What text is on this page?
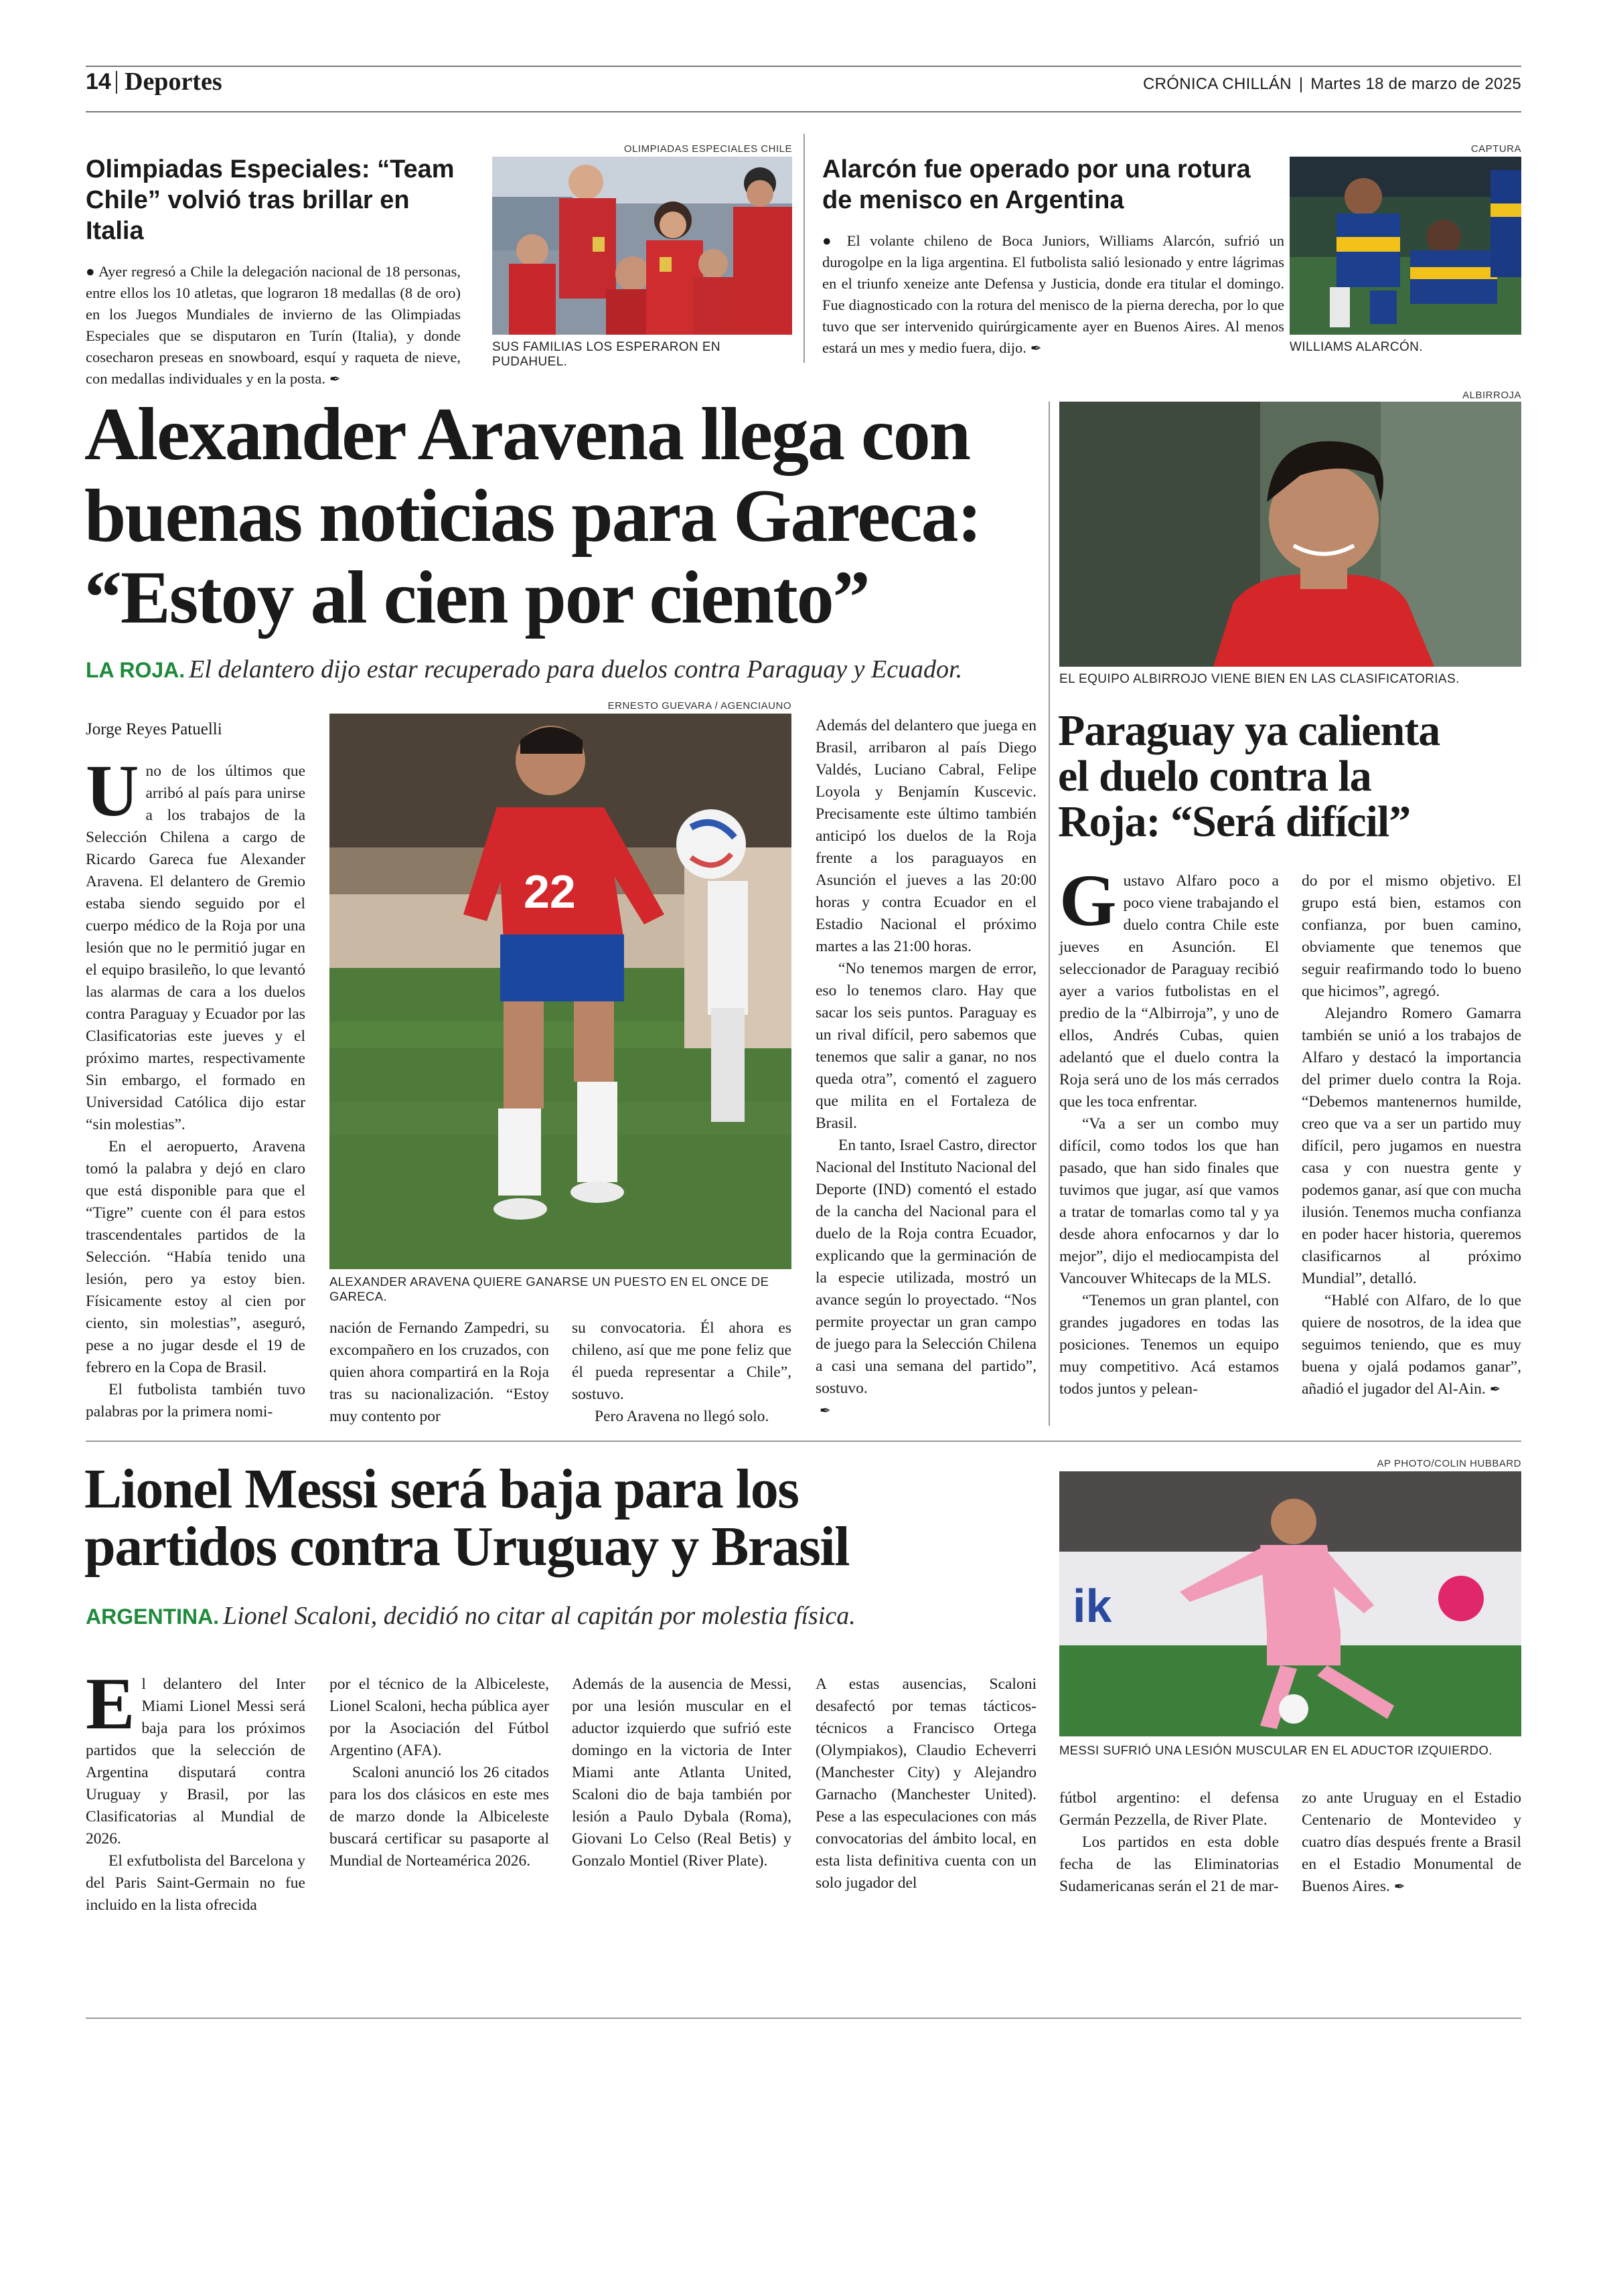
14 Deportes	CRÓNICA CHILLÁN | Martes 18 de marzo de 2025
Olimpiadas Especiales: “Team Chile” volvió tras brillar en Italia
● Ayer regresó a Chile la delegación nacional de 18 personas, entre ellos los 10 atletas, que lograron 18 medallas (8 de oro) en los Juegos Mundiales de invierno de las Olimpiadas Especiales que se disputaron en Turín (Italia), y donde cosecharon preseas en snowboard, esquí y raqueta de nieve, con medallas individuales y en la posta. ✒
OLIMPIADAS ESPECIALES CHILE
SUS FAMILIAS LOS ESPERARON EN PUDAHUEL.
Alarcón fue operado por una rotura de menisco en Argentina
● El volante chileno de Boca Juniors, Williams Alarcón, sufrió un durogolpe en la liga argentina. El futbolista salió lesionado y entre lágrimas en el triunfo xeneize ante Defensa y Justicia, donde era titular el domingo. Fue diagnosticado con la rotura del menisco de la pierna derecha, por lo que tuvo que ser intervenido quirúrgicamente ayer en Buenos Aires. Al menos estará un mes y medio fuera, dijo. ✒
CAPTURA
WILLIAMS ALARCÓN.
Alexander Aravena llega con
buenas noticias para Gareca:
“Estoy al cien por ciento”
LA ROJA. El delantero dijo estar recuperado para duelos contra Paraguay y Ecuador.
Jorge Reyes Patuelli
U no de los últimos que arribó al país para unirse a los trabajos de la Selección Chilena a cargo de Ricardo Gareca fue Alexander Aravena. El delantero de Gremio estaba siendo seguido por el cuerpo médico de la Roja por una lesión que no le permitió jugar en el equipo brasileño, lo que levantó las alarmas de cara a los duelos contra Paraguay y Ecuador por las Clasificatorias este jueves y el próximo martes, respectivamente Sin embargo, el formado en Universidad Católica dijo estar “sin molestias”.

En el aeropuerto, Aravena tomó la palabra y dejó en claro que está disponible para que el “Tigre” cuente con él para estos trascendentales partidos de la Selección. “Había tenido una lesión, pero ya estoy bien. Físicamente estoy al cien por ciento, sin molestias”, aseguró, pese a no jugar desde el 19 de febrero en la Copa de Brasil.

El futbolista también tuvo palabras por la primera nomi-

ERNESTO GUEVARA / AGENCIAUNO
22
ALEXANDER ARAVENA QUIERE GANARSE UN PUESTO EN EL ONCE DE GARECA.

nación de Fernando Zampedri, su excompañero en los cruzados, con quien ahora compartirá en la Roja tras su nacionalización. “Estoy muy contento por

su convocatoria. Él ahora es chileno, así que me pone feliz que él pueda representar a Chile”, sostuvo.

Pero Aravena no llegó solo.

Además del delantero que juega en Brasil, arribaron al país Diego Valdés, Luciano Cabral, Felipe Loyola y Benjamín Kuscevic. Precisamente este último también anticipó los duelos de la Roja frente a los paraguayos en Asunción el jueves a las 20:00 horas y contra Ecuador en el Estadio Nacional el próximo martes a las 21:00 horas.

“No tenemos margen de error, eso lo tenemos claro. Hay que sacar los seis puntos. Paraguay es un rival difícil, pero sabemos que tenemos que salir a ganar, no nos queda otra”, comentó el zaguero que milita en el Fortaleza de Brasil.

En tanto, Israel Castro, director Nacional del Instituto Nacional del Deporte (IND) comentó el estado de la cancha del Nacional para el duelo de la Roja contra Ecuador, explicando que la germinación de la especie utilizada, mostró un avance según lo proyectado. “Nos permite proyectar un gran campo de juego para la Selección Chilena a casi una semana del partido”, sostuvo.

✒
ALBIRROJA
EL EQUIPO ALBIRROJO VIENE BIEN EN LAS CLASIFICATORIAS.
Paraguay ya calienta
el duelo contra la
Roja: “Será difícil”
G ustavo Alfaro poco a poco viene trabajando el duelo contra Chile este jueves en Asunción. El seleccionador de Paraguay recibió ayer a varios futbolistas en el predio de la “Albirroja”, y uno de ellos, Andrés Cubas, quien adelantó que el duelo contra la Roja será uno de los más cerrados que les toca enfrentar.

“Va a ser un combo muy difícil, como todos los que han pasado, que han sido finales que tuvimos que jugar, así que vamos a tratar de tomarlas como tal y ya desde ahora enfocarnos y dar lo mejor”, dijo el mediocampista del Vancouver Whitecaps de la MLS.

“Tenemos un gran plantel, con grandes jugadores en todas las posiciones. Tenemos un equipo muy competitivo. Acá estamos todos juntos y pelean-

do por el mismo objetivo. El grupo está bien, estamos con confianza, por buen camino, obviamente que tenemos que seguir reafirmando todo lo bueno que hicimos”, agregó.

Alejandro Romero Gamarra también se unió a los trabajos de Alfaro y destacó la importancia del primer duelo contra la Roja. “Debemos mantenernos humilde, creo que va a ser un partido muy difícil, pero jugamos en nuestra casa y con nuestra gente y podemos ganar, así que con mucha ilusión. Tenemos mucha confianza en poder hacer historia, queremos clasificarnos al próximo Mundial”, detalló.

“Hablé con Alfaro, de lo que quiere de nosotros, de la idea que seguimos teniendo, que es muy buena y ojalá podamos ganar”, añadió el jugador del Al-Ain. ✒

Lionel Messi será baja para los
partidos contra Uruguay y Brasil
ARGENTINA. Lionel Scaloni, decidió no citar al capitán por molestia física.
AP PHOTO/COLIN HUBBARD
ik
MESSI SUFRIÓ UNA LESIÓN MUSCULAR EN EL ADUCTOR IZQUIERDO.
E l delantero del Inter Miami Lionel Messi será baja para los próximos partidos que la selección de Argentina disputará contra Uruguay y Brasil, por las Clasificatorias al Mundial de 2026.

El exfutbolista del Barcelona y del Paris Saint-Germain no fue incluido en la lista ofrecida

por el técnico de la Albiceleste, Lionel Scaloni, hecha pública ayer por la Asociación del Fútbol Argentino (AFA).

Scaloni anunció los 26 citados para los dos clásicos en este mes de marzo donde la Albiceleste buscará certificar su pasaporte al Mundial de Norteamérica 2026.

Además de la ausencia de Messi, por una lesión muscular en el aductor izquierdo que sufrió este domingo en la victoria de Inter Miami ante Atlanta United, Scaloni dio de baja también por lesión a Paulo Dybala (Roma), Giovani Lo Celso (Real Betis) y Gonzalo Montiel (River Plate).

A estas ausencias, Scaloni desafectó por temas tácticos-técnicos a Francisco Ortega (Olympiakos), Claudio Echeverri (Manchester City) y Alejandro Garnacho (Manchester United). Pese a las especulaciones con más convocatorias del ámbito local, en esta lista definitiva cuenta con un solo jugador del

fútbol argentino: el defensa Germán Pezzella, de River Plate.

Los partidos en esta doble fecha de las Eliminatorias Sudamericanas serán el 21 de mar-

zo ante Uruguay en el Estadio Centenario de Montevideo y cuatro días después frente a Brasil en el Estadio Monumental de Buenos Aires. ✒
